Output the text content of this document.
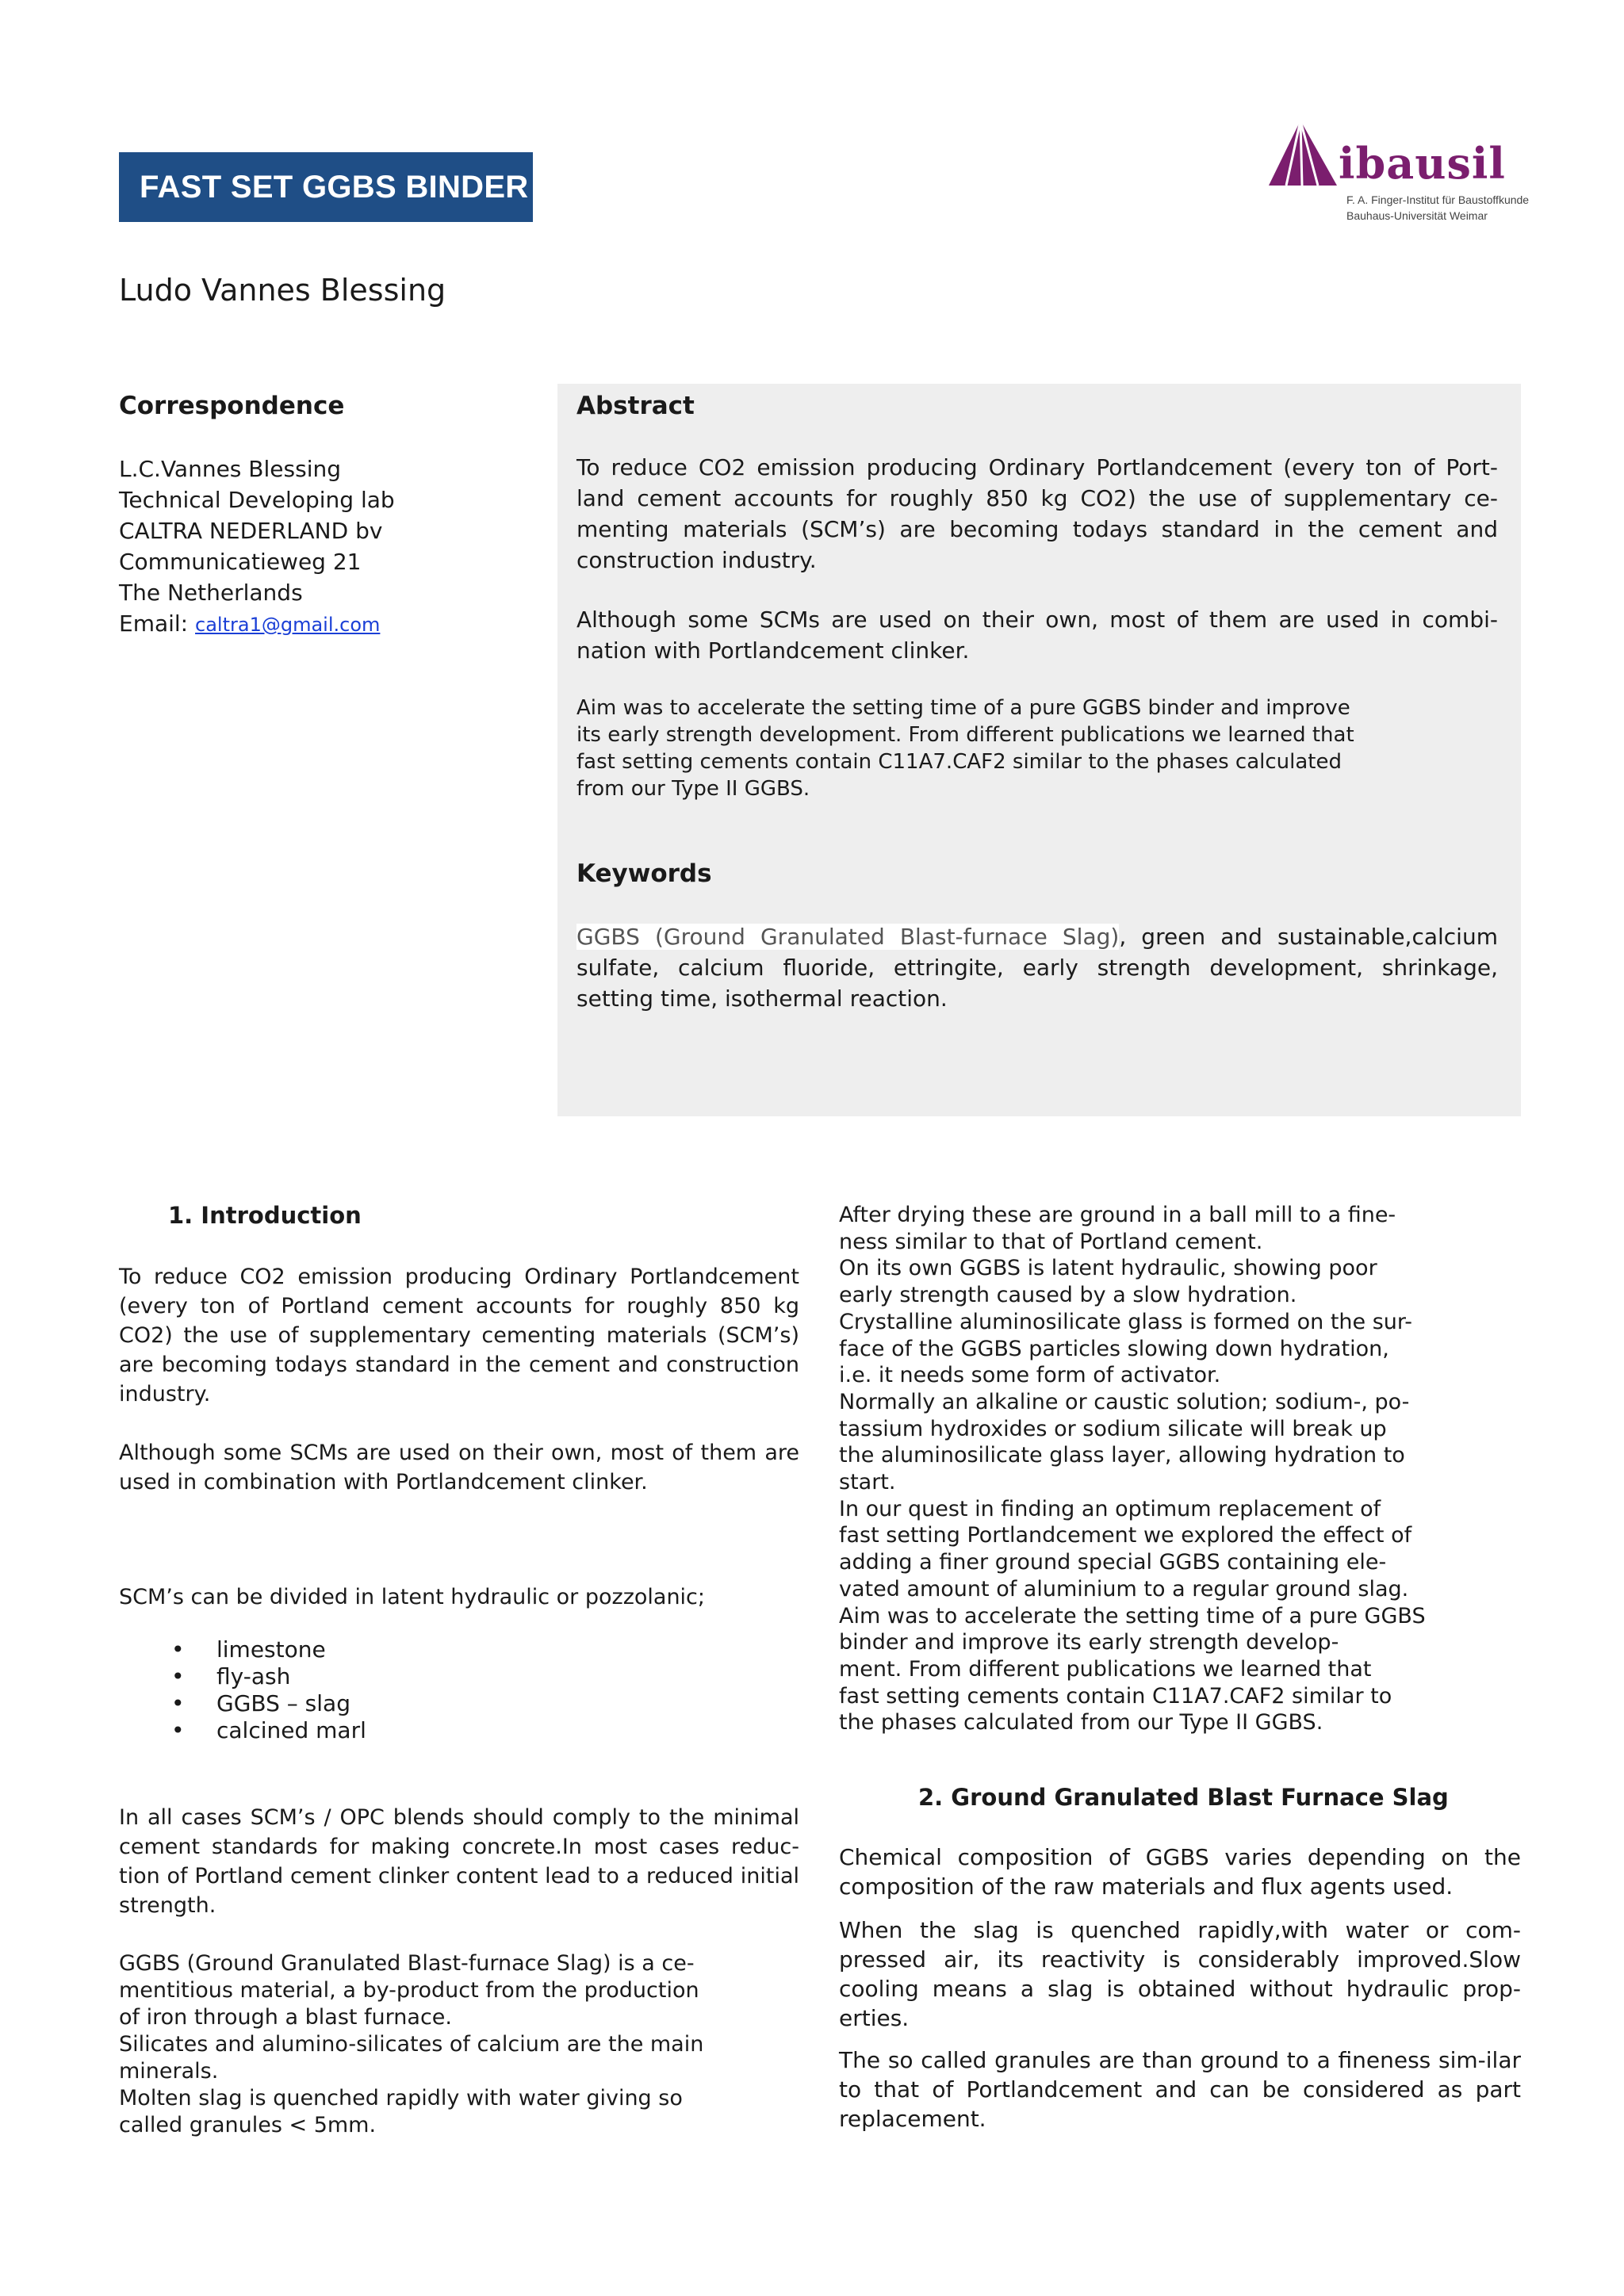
FAST SET GGBS BINDER	ibausil
F. A. Finger-Institut für Baustoffkunde
Bauhaus-Universität Weimar
Ludo Vannes Blessing
Correspondence
L.C.Vannes Blessing
Technical Developing lab
CALTRA NEDERLAND bv
Communicatieweg 21
The Netherlands
Email: caltra1@gmail.com
Abstract
To reduce CO2 emission producing Ordinary Portlandcement (every ton of Port-land cement accounts for roughly 850 kg CO2) the use of supplementary ce-menting materials (SCM’s) are becoming todays standard in the cement and construction industry.
Although some SCMs are used on their own, most of them are used in combi-nation with Portlandcement clinker.
Aim was to accelerate the setting time of a pure GGBS binder and improve
its early strength development. From different publications we learned that
fast setting cements contain C11A7.CAF2 similar to the phases calculated
from our Type II GGBS.
Keywords
GGBS (Ground Granulated Blast-furnace Slag), green and sustainable,calcium sulfate, calcium fluoride, ettringite, early strength development, shrinkage, setting time, isothermal reaction.
1. Introduction
To reduce CO2 emission producing Ordinary Portlandcement (every ton of Portland cement accounts for roughly 850 kg CO2) the use of supplementary cementing materials (SCM’s) are becoming todays standard in the cement and construction industry.
Although some SCMs are used on their own, most of them are used in combination with Portlandcement clinker.
SCM’s can be divided in latent hydraulic or pozzolanic;
• limestone
• fly-ash
• GGBS – slag
• calcined marl
In all cases SCM’s / OPC blends should comply to the minimal cement standards for making concrete.In most cases reduc-tion of Portland cement clinker content lead to a reduced initial strength.
GGBS (Ground Granulated Blast-furnace Slag) is a ce-
mentitious material, a by-product from the production
of iron through a blast furnace.
Silicates and alumino-silicates of calcium are the main
minerals.
Molten slag is quenched rapidly with water giving so
called granules < 5mm.
After drying these are ground in a ball mill to a fine-
ness similar to that of Portland cement.
On its own GGBS is latent hydraulic, showing poor
early strength caused by a slow hydration.
Crystalline aluminosilicate glass is formed on the sur-
face of the GGBS particles slowing down hydration,
i.e. it needs some form of activator.
Normally an alkaline or caustic solution; sodium-, po-
tassium hydroxides or sodium silicate will break up
the aluminosilicate glass layer, allowing hydration to
start.
In our quest in finding an optimum replacement of
fast setting Portlandcement we explored the effect of
adding a finer ground special GGBS containing ele-
vated amount of aluminium to a regular ground slag.
Aim was to accelerate the setting time of a pure GGBS
binder and improve its early strength develop-
ment. From different publications we learned that
fast setting cements contain C11A7.CAF2 similar to
the phases calculated from our Type II GGBS.
2. Ground Granulated Blast Furnace Slag
Chemical composition of GGBS varies depending on the composition of the raw materials and flux agents used.
When the slag is quenched rapidly,with water or com-pressed air, its reactivity is considerably improved.Slow cooling means a slag is obtained without hydraulic prop-erties.
The so called granules are than ground to a fineness sim-ilar to that of Portlandcement and can be considered as part replacement.
